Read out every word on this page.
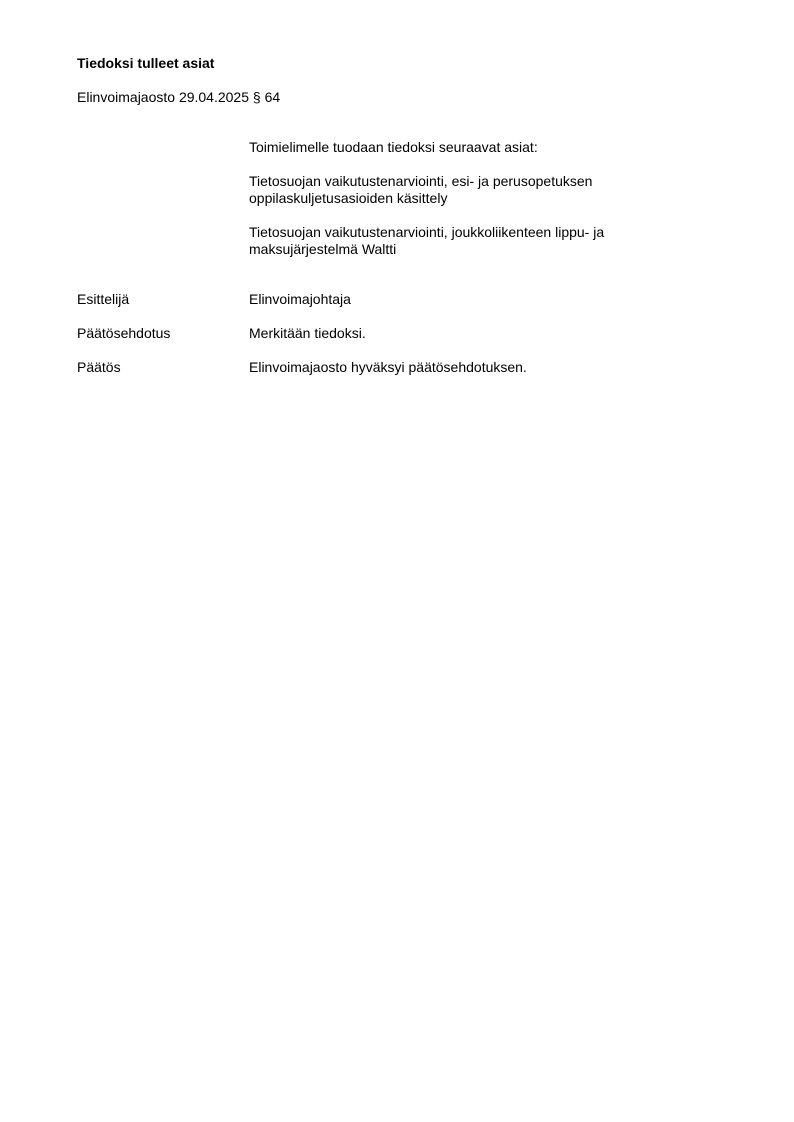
Tiedoksi tulleet asiat
Elinvoimajaosto 29.04.2025 § 64

Toimielimelle tuodaan tiedoksi seuraavat asiat:

Tietosuojan vaikutustenarviointi, esi- ja perusopetuksen

oppilaskuljetusasioiden käsittely

Tietosuojan vaikutustenarviointi, joukkoliikenteen lippu- ja

maksujärjestelmä Waltti

Esittelijä	Elinvoimajohtaja
Päätösehdotus	Merkitään tiedoksi.
Päätös	Elinvoimajaosto hyväksyi päätösehdotuksen.
